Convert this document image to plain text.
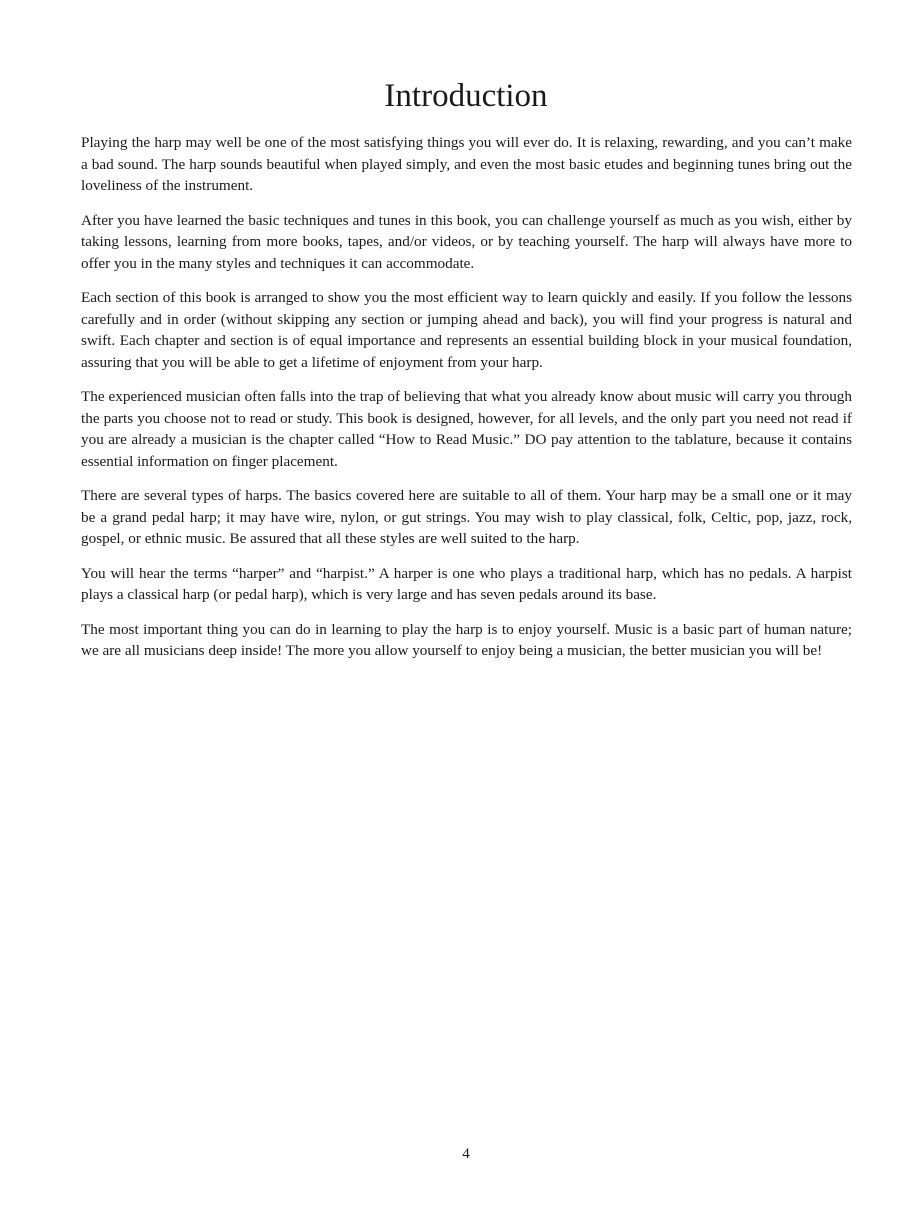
Introduction

Playing the harp may well be one of the most satisfying things you will ever do. It is relaxing, rewarding, and you can’t make a bad sound. The harp sounds beautiful when played simply, and even the most basic etudes and beginning tunes bring out the loveliness of the instrument.

After you have learned the basic techniques and tunes in this book, you can challenge yourself as much as you wish, either by taking lessons, learning from more books, tapes, and/or videos, or by teaching yourself. The harp will always have more to offer you in the many styles and techniques it can accommodate.

Each section of this book is arranged to show you the most efficient way to learn quickly and easily. If you follow the lessons carefully and in order (without skipping any section or jumping ahead and back), you will find your progress is natural and swift. Each chapter and section is of equal importance and represents an essential building block in your musical foundation, assuring that you will be able to get a lifetime of enjoyment from your harp.

The experienced musician often falls into the trap of believing that what you already know about music will carry you through the parts you choose not to read or study. This book is designed, however, for all levels, and the only part you need not read if you are already a musician is the chapter called “How to Read Music.” DO pay attention to the tablature, because it contains essential information on finger placement.

There are several types of harps. The basics covered here are suitable to all of them. Your harp may be a small one or it may be a grand pedal harp; it may have wire, nylon, or gut strings. You may wish to play classical, folk, Celtic, pop, jazz, rock, gospel, or ethnic music. Be assured that all these styles are well suited to the harp.

You will hear the terms “harper” and “harpist.” A harper is one who plays a traditional harp, which has no pedals. A harpist plays a classical harp (or pedal harp), which is very large and has seven pedals around its base.

The most important thing you can do in learning to play the harp is to enjoy yourself. Music is a basic part of human nature; we are all musicians deep inside! The more you allow yourself to enjoy being a musician, the better musician you will be!

4
